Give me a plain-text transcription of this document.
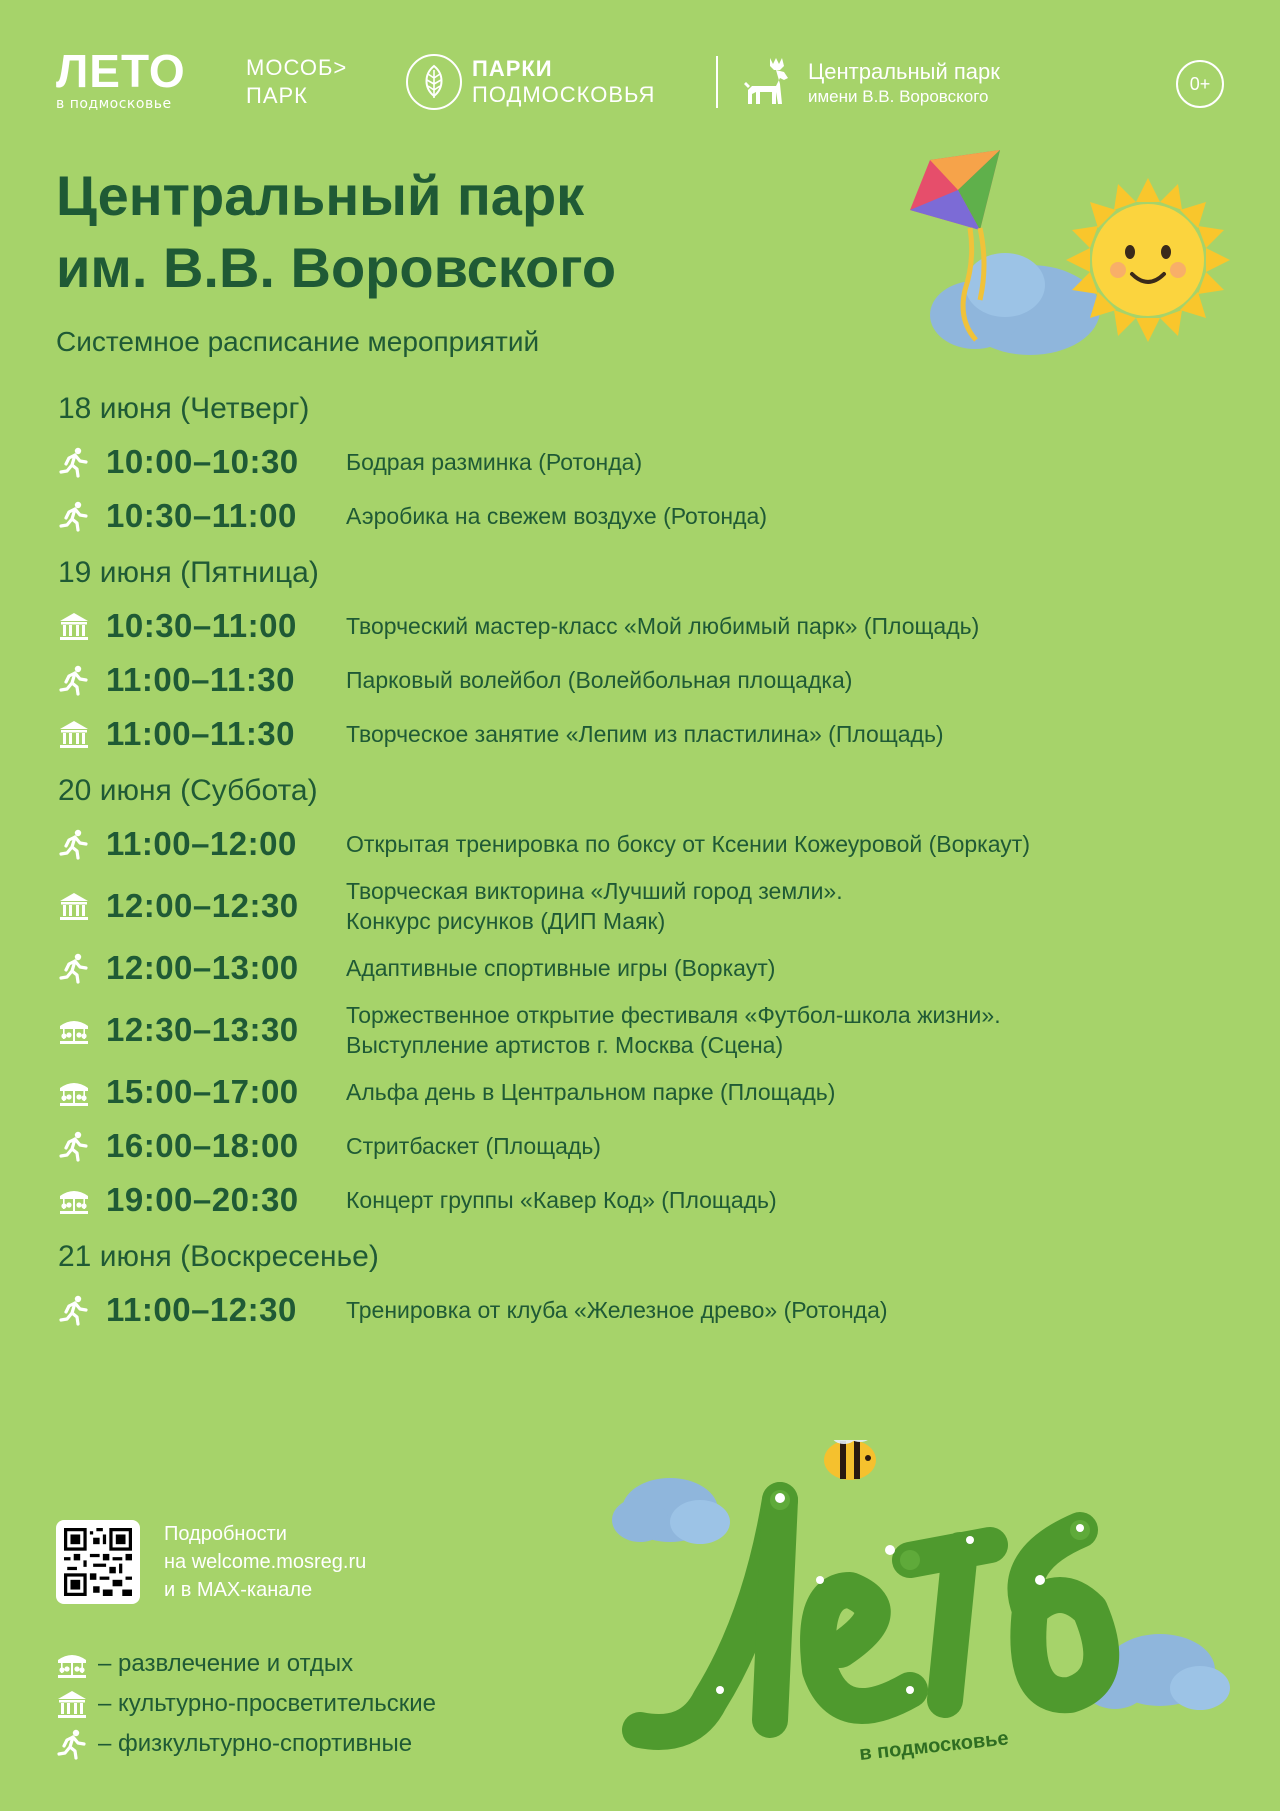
ЛЕТО
в подмосковье
МОСОБ>
ПАРК
ПАРКИ
ПОДМОСКОВЬЯ
Центральный парк
имени В.В. Воровского
0+
Центральный парк
им. В.В. Воровского
Системное расписание мероприятий
18 июня (Четверг)
10:00–10:30	Бодрая разминка (Ротонда)
10:30–11:00	Аэробика на свежем воздухе (Ротонда)
19 июня (Пятница)
10:30–11:00	Творческий мастер-класс «Мой любимый парк» (Площадь)
11:00–11:30	Парковый волейбол (Волейбольная площадка)
11:00–11:30	Творческое занятие «Лепим из пластилина» (Площадь)
20 июня (Суббота)
11:00–12:00	Открытая тренировка по боксу от Ксении Кожеуровой (Воркаут)
12:00–12:30	Творческая викторина «Лучший город земли».
Конкурс рисунков (ДИП Маяк)
12:00–13:00	Адаптивные спортивные игры (Воркаут)
12:30–13:30	Торжественное открытие фестиваля «Футбол-школа жизни».
Выступление артистов г. Москва (Сцена)
15:00–17:00	Альфа день в Центральном парке (Площадь)
16:00–18:00	Стритбаскет (Площадь)
19:00–20:30	Концерт группы «Кавер Код» (Площадь)
21 июня (Воскресенье)
11:00–12:30	Тренировка от клуба «Железное древо» (Ротонда)
в подмосковье
Лето
Подробности
на welcome.mosreg.ru
и в MAX-канале
– развлечение и отдых
– культурно-просветительские
– физкультурно-спортивные
